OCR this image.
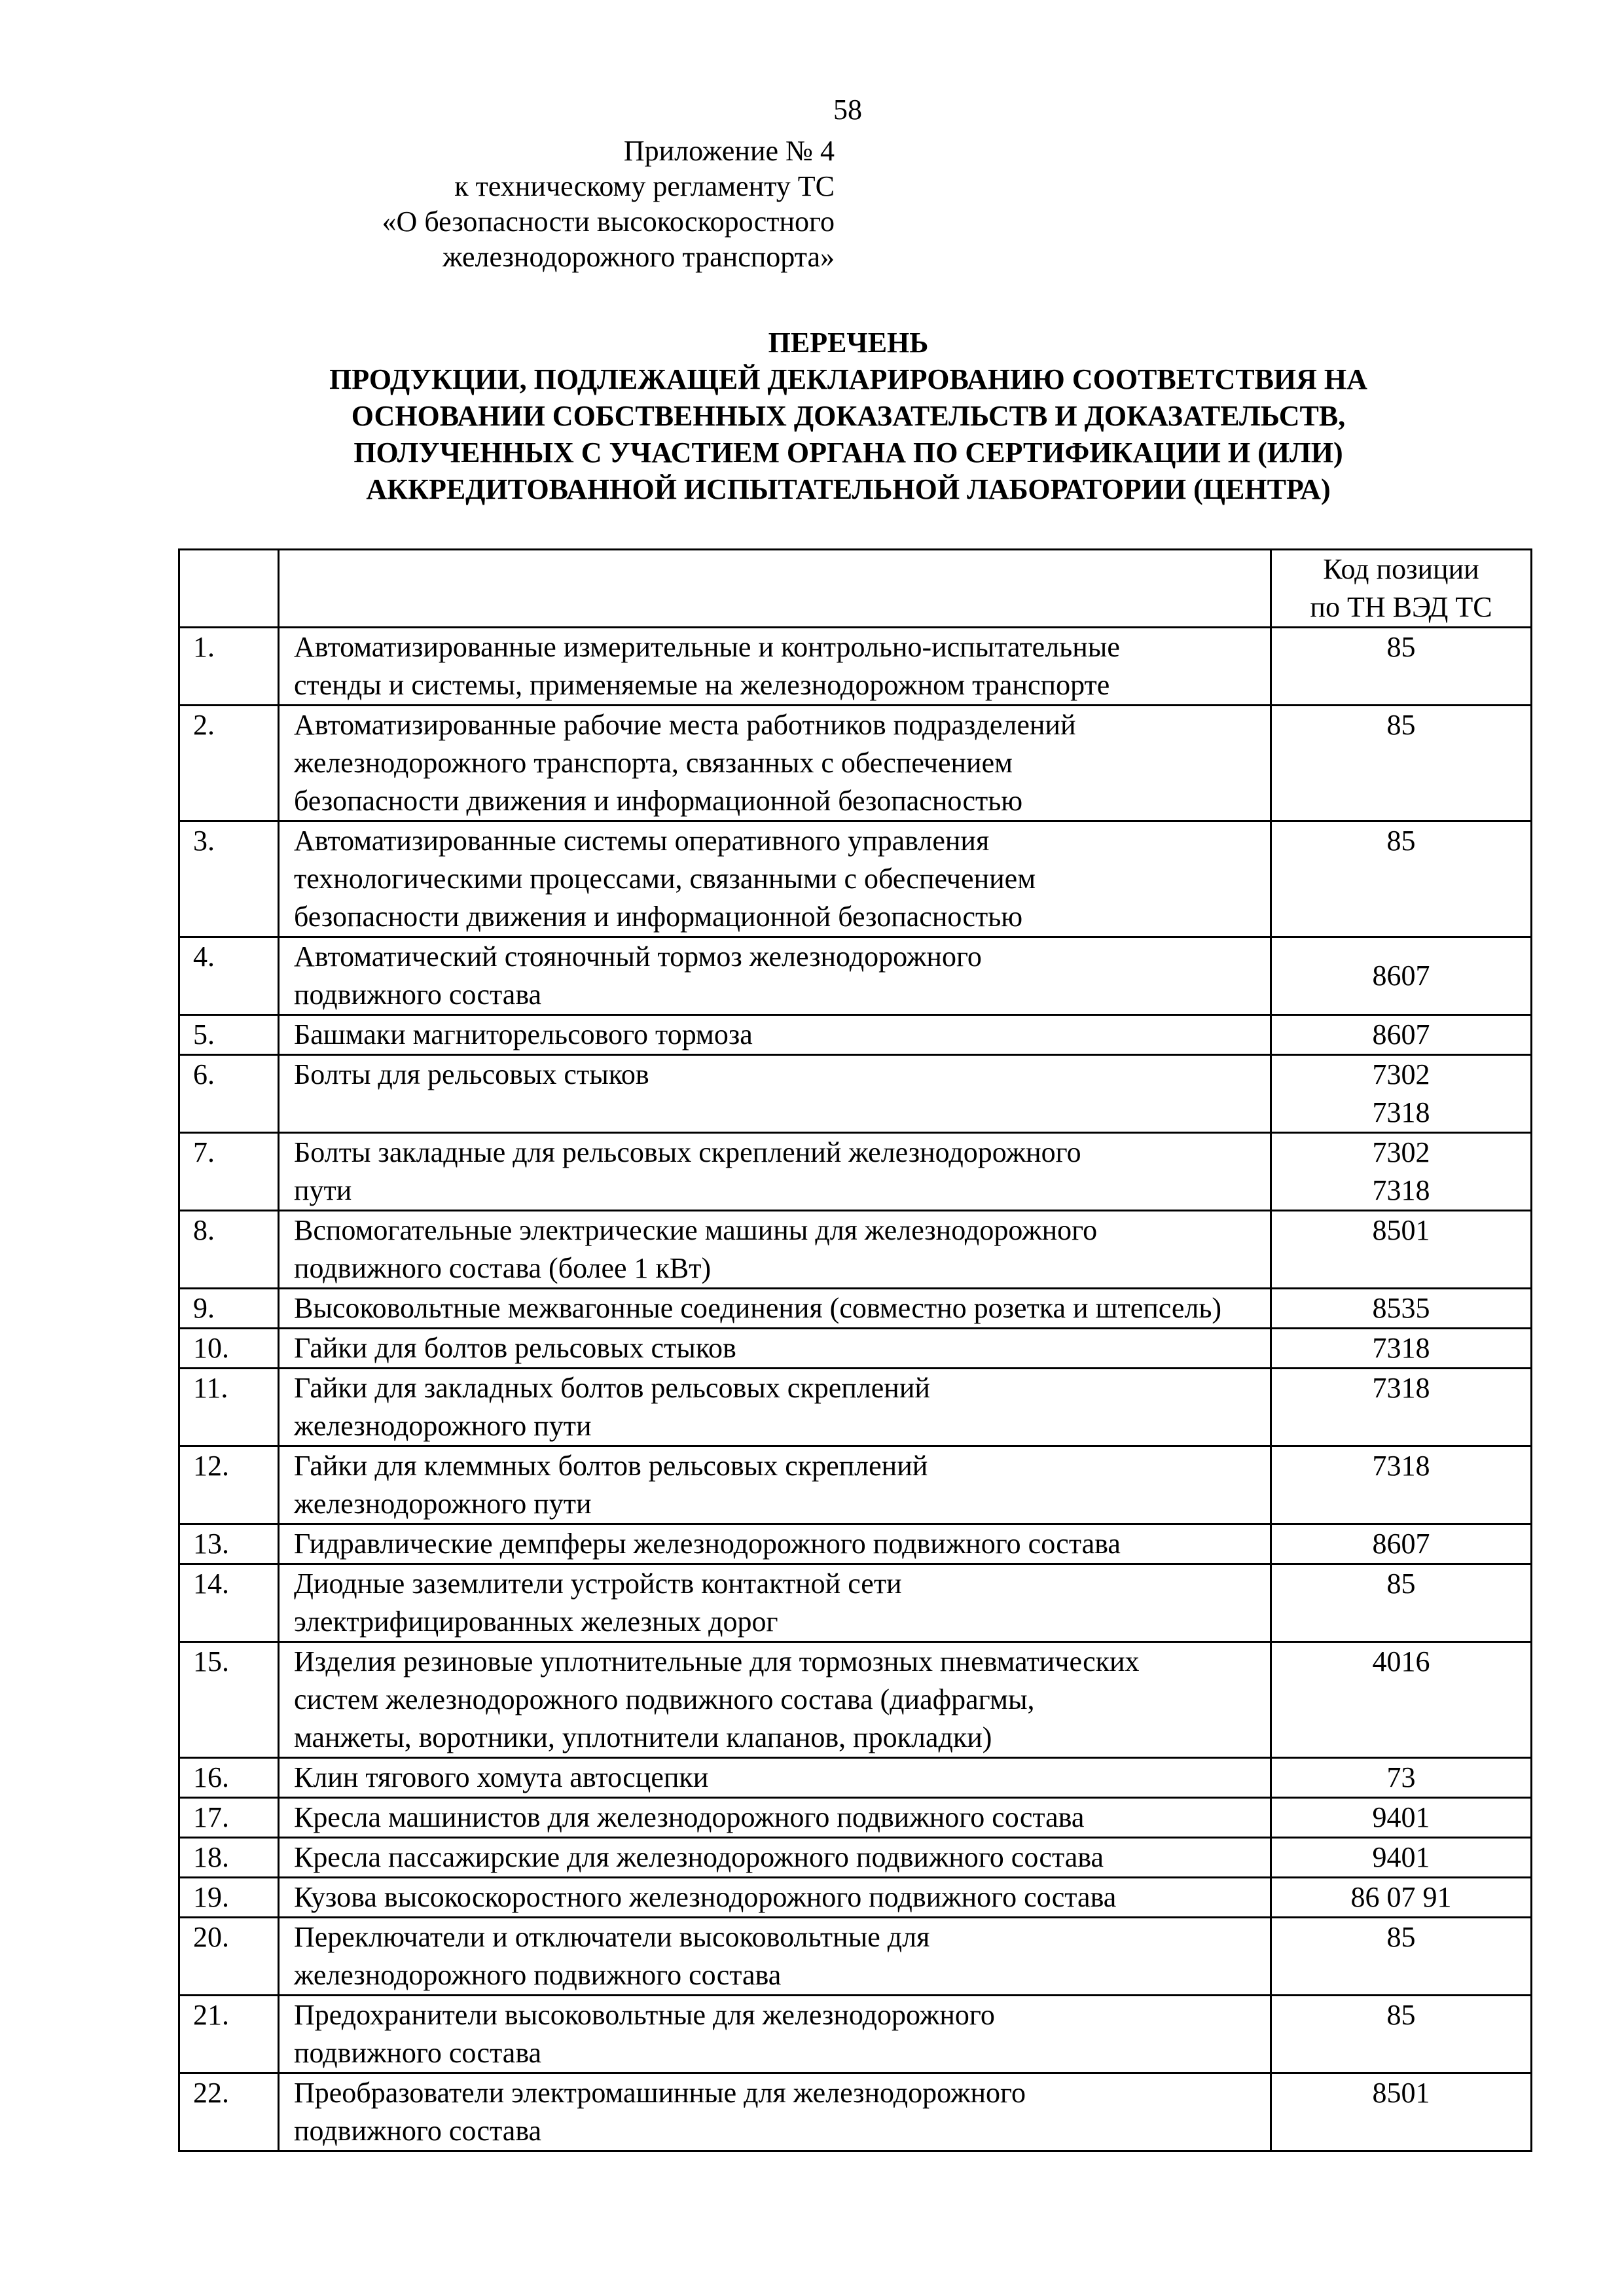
58
Приложение № 4
к техническому регламенту ТС
«О безопасности высокоскоростного
железнодорожного транспорта»
ПЕРЕЧЕНЬ
ПРОДУКЦИИ, ПОДЛЕЖАЩЕЙ ДЕКЛАРИРОВАНИЮ СООТВЕТСТВИЯ НА
ОСНОВАНИИ СОБСТВЕННЫХ ДОКАЗАТЕЛЬСТВ И ДОКАЗАТЕЛЬСТВ,
ПОЛУЧЕННЫХ С УЧАСТИЕМ ОРГАНА ПО СЕРТИФИКАЦИИ И (ИЛИ)
АККРЕДИТОВАННОЙ ИСПЫТАТЕЛЬНОЙ ЛАБОРАТОРИИ (ЦЕНТРА)

		Код позиции
по ТН ВЭД ТС

1.	Автоматизированные измерительные и контрольно-испытательные
стенды и системы, применяемые на железнодорожном транспорте	85

2.	Автоматизированные рабочие места работников подразделений
железнодорожного транспорта, связанных с обеспечением
безопасности движения и информационной безопасностью	85

3.	Автоматизированные системы оперативного управления
технологическими процессами, связанными с обеспечением
безопасности движения и информационной безопасностью	85

4.	Автоматический стояночный тормоз железнодорожного
подвижного состава	8607

5.	Башмаки магниторельсового тормоза	8607

6.	Болты для рельсовых стыков	7302
7318

7.	Болты закладные для рельсовых скреплений железнодорожного
пути	7302
7318

8.	Вспомогательные электрические машины для железнодорожного
подвижного состава (более 1 кВт)	8501

9.	Высоковольтные межвагонные соединения (совместно розетка и штепсель)	8535

10.	Гайки для болтов рельсовых стыков	7318

11.	Гайки для закладных болтов рельсовых скреплений
железнодорожного пути	7318

12.	Гайки для клеммных болтов рельсовых скреплений
железнодорожного пути	7318

13.	Гидравлические демпферы железнодорожного подвижного состава	8607

14.	Диодные заземлители устройств контактной сети
электрифицированных железных дорог	85

15.	Изделия резиновые уплотнительные для тормозных пневматических
систем железнодорожного подвижного состава (диафрагмы,
манжеты, воротники, уплотнители клапанов, прокладки)	4016

16.	Клин тягового хомута автосцепки	73

17.	Кресла машинистов для железнодорожного подвижного состава	9401

18.	Кресла пассажирские для железнодорожного подвижного состава	9401

19.	Кузова высокоскоростного железнодорожного подвижного состава	86 07 91

20.	Переключатели и отключатели высоковольтные для
железнодорожного подвижного состава	85

21.	Предохранители высоковольтные для железнодорожного
подвижного состава	85

22.	Преобразователи электромашинные для железнодорожного
подвижного состава	8501
